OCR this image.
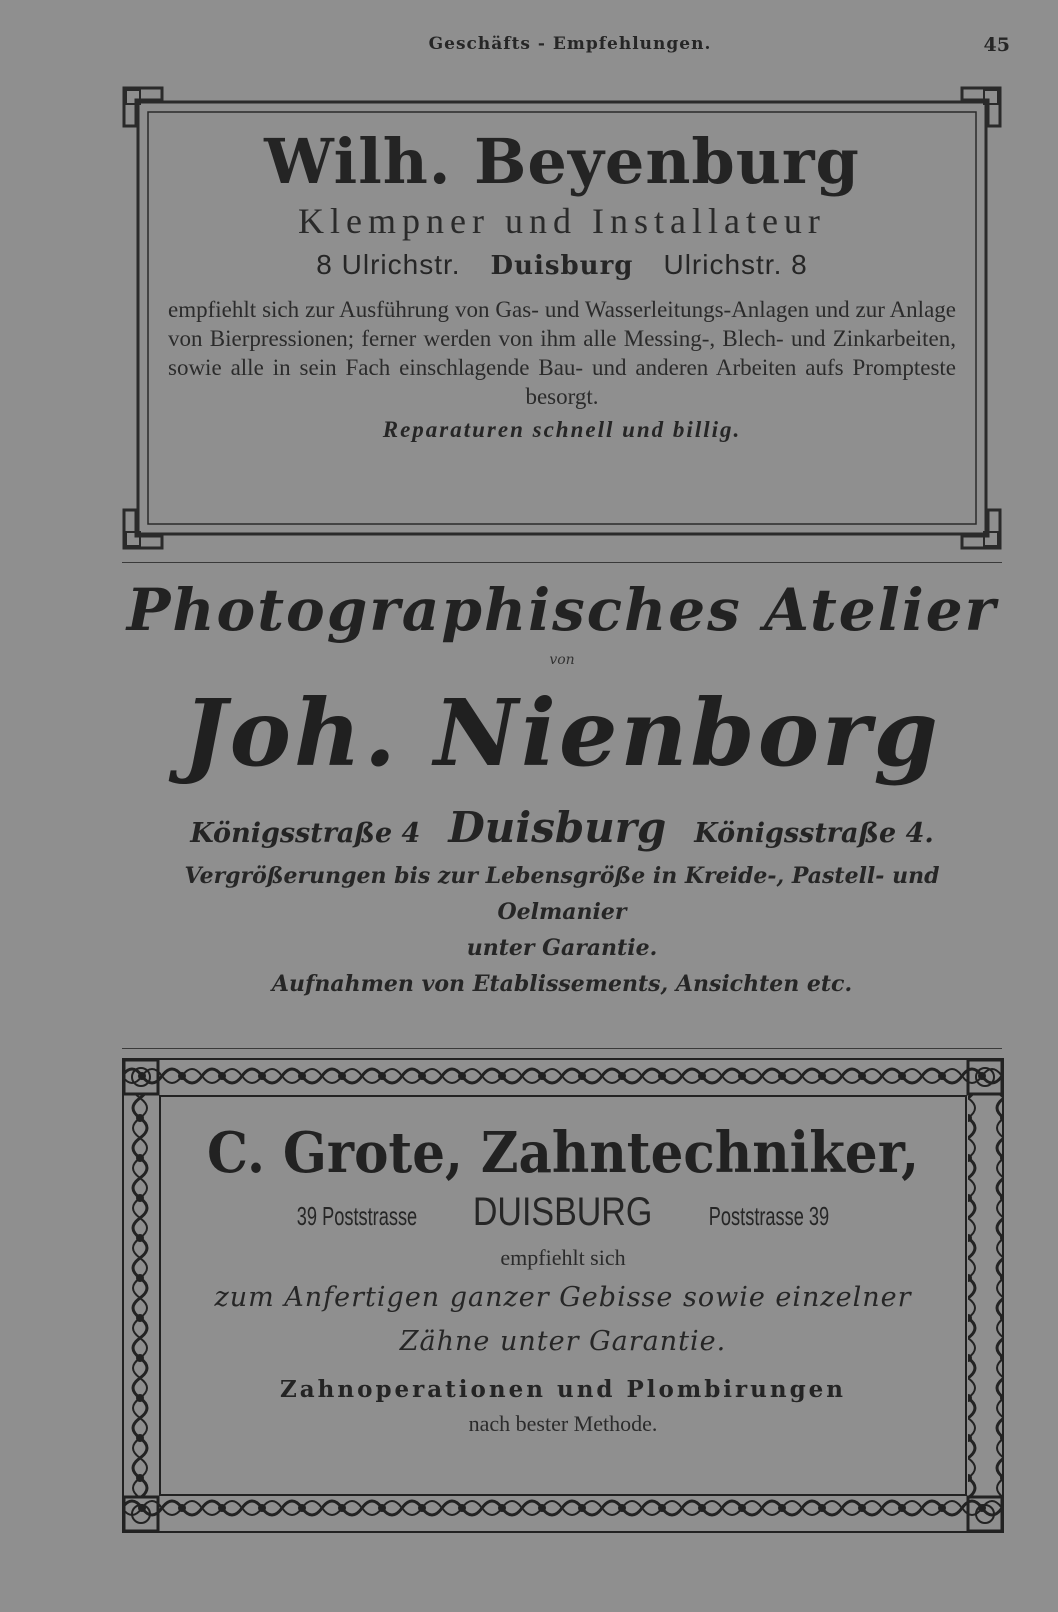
Geschäfts - Empfehlungen.	45
Wilh. Beyenburg
Klempner und Installateur
8 Ulrichstr. Duisburg Ulrichstr. 8
empfiehlt sich zur Ausführung von Gas- und Wasserleitungs-Anlagen und zur Anlage von Bierpressionen; ferner werden von ihm alle Messing-, Blech- und Zinkarbeiten, sowie alle in sein Fach einschlagende Bau- und anderen Arbeiten aufs Prompteste besorgt.
Reparaturen schnell und billig.
Photographisches Atelier
von
Joh. Nienborg
Königsstraße 4 Duisburg Königsstraße 4.
Vergrößerungen bis zur Lebensgröße in Kreide-, Pastell- und Oelmanier
unter Garantie.
Aufnahmen von Etablissements, Ansichten etc.
C. Grote, Zahntechniker,
39 Poststrasse DUISBURG Poststrasse 39
empfiehlt sich
zum Anfertigen ganzer Gebisse sowie einzelner
Zähne unter Garantie.
Zahnoperationen und Plombirungen
nach bester Methode.
